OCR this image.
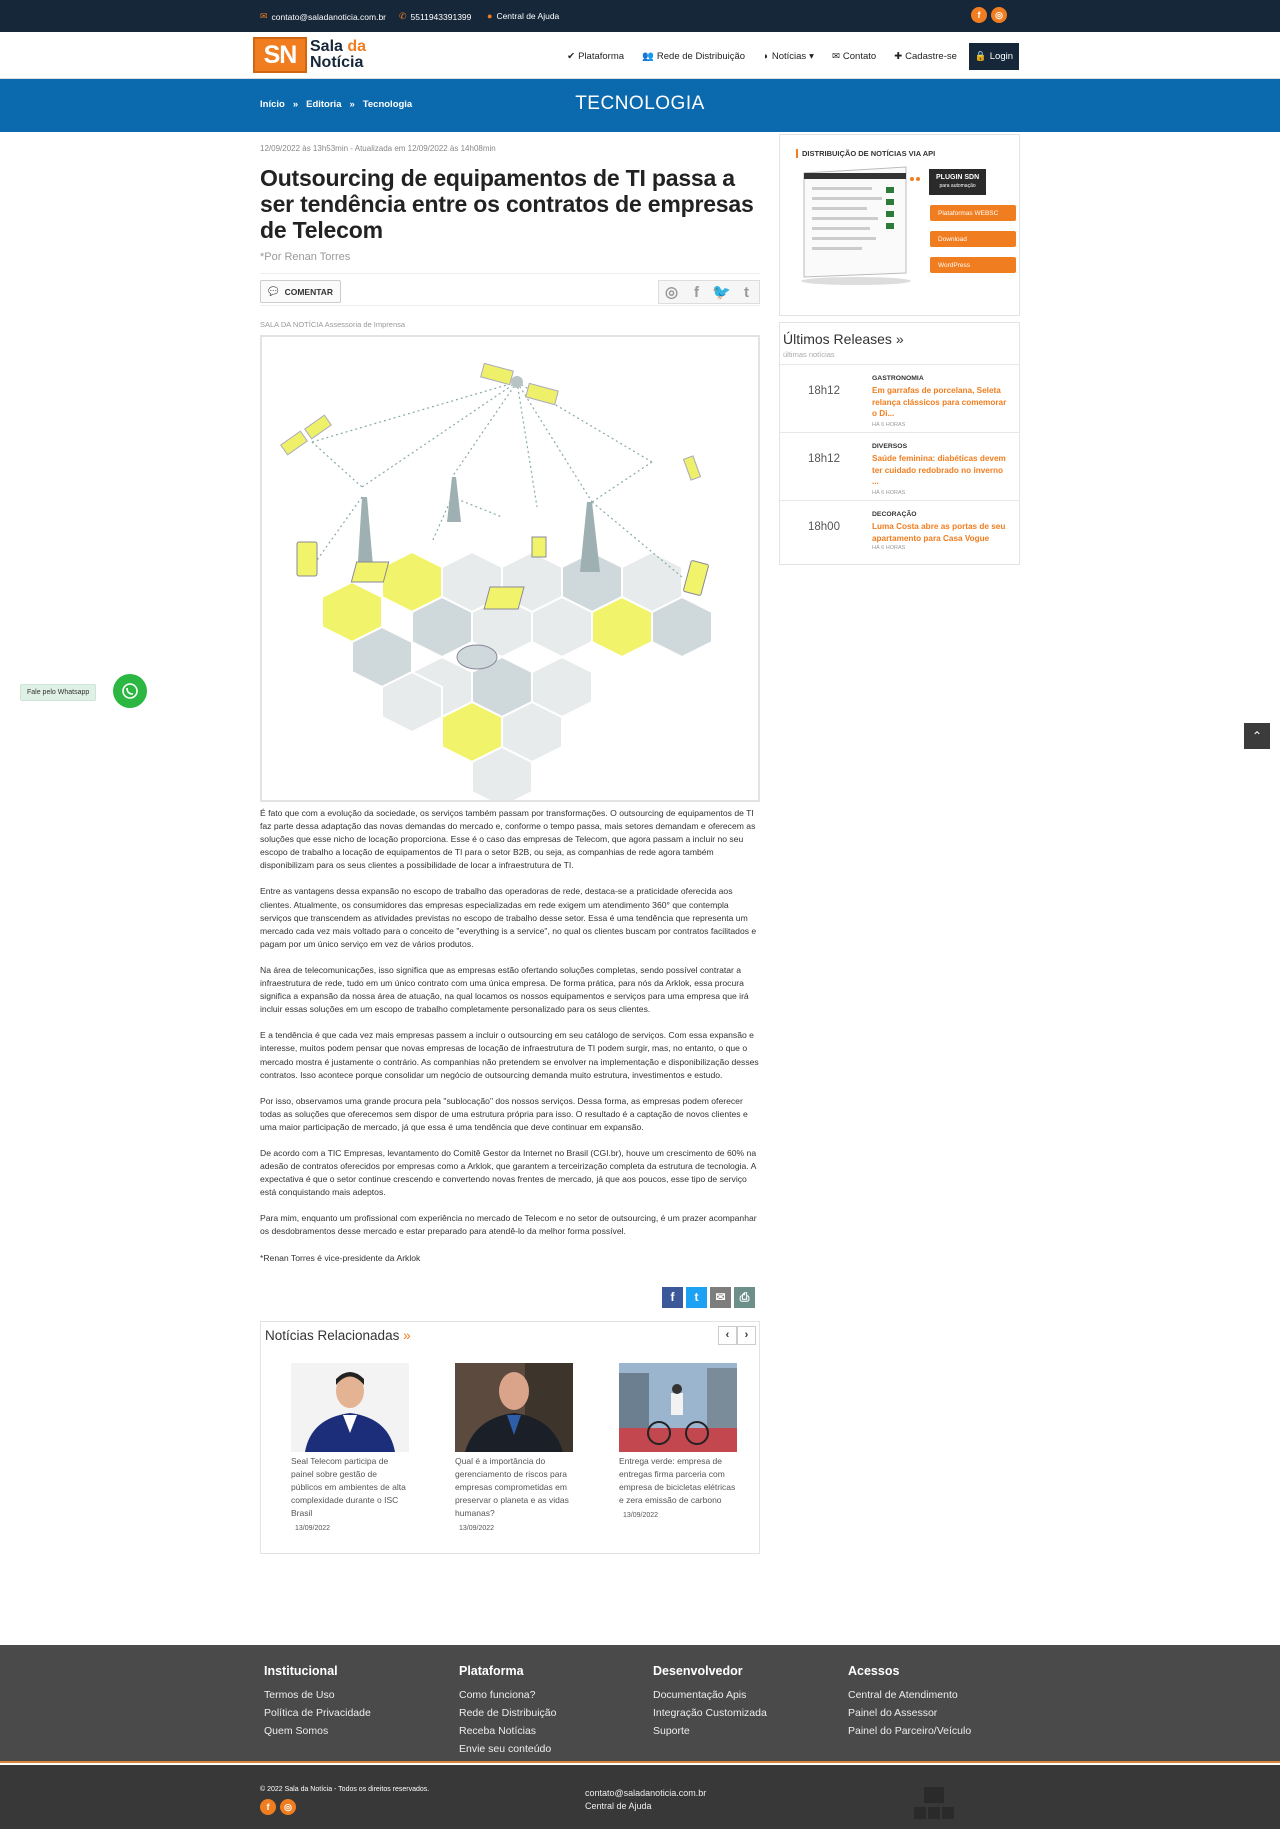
✉ contato@saladanoticia.com.br ✆ 5511943391399 ● Central de Ajuda	f	◎
SN Sala da
Notícia	✔ Plataforma 👥 Rede de Distribuição ◗ Notícias ▾ ✉ Contato ✚ Cadastre-se 🔒 Login
Início » Editoria » Tecnologia	TECNOLOGIA
12/09/2022 às 13h53min - Atualizada em 12/09/2022 às 14h08min
Outsourcing de equipamentos de TI passa a ser tendência entre os contratos de empresas de Telecom
*Por Renan Torres
💬 COMENTAR	◎	f 🐦 t
SALA DA NOTÍCIA Assessoria de Imprensa

É fato que com a evolução da sociedade, os serviços também passam por transformações. O outsourcing de equipamentos de TI faz parte dessa adaptação das novas demandas do mercado e, conforme o tempo passa, mais setores demandam e oferecem as soluções que esse nicho de locação proporciona. Esse é o caso das empresas de Telecom, que agora passam a incluir no seu escopo de trabalho a locação de equipamentos de TI para o setor B2B, ou seja, as companhias de rede agora também disponibilizam para os seus clientes a possibilidade de locar a infraestrutura de TI.

Entre as vantagens dessa expansão no escopo de trabalho das operadoras de rede, destaca-se a praticidade oferecida aos clientes. Atualmente, os consumidores das empresas especializadas em rede exigem um atendimento 360° que contempla serviços que transcendem as atividades previstas no escopo de trabalho desse setor. Essa é uma tendência que representa um mercado cada vez mais voltado para o conceito de "everything is a service", no qual os clientes buscam por contratos facilitados e pagam por um único serviço em vez de vários produtos.

Na área de telecomunicações, isso significa que as empresas estão ofertando soluções completas, sendo possível contratar a infraestrutura de rede, tudo em um único contrato com uma única empresa. De forma prática, para nós da Arklok, essa procura significa a expansão da nossa área de atuação, na qual locamos os nossos equipamentos e serviços para uma empresa que irá incluir essas soluções em um escopo de trabalho completamente personalizado para os seus clientes.

E a tendência é que cada vez mais empresas passem a incluir o outsourcing em seu catálogo de serviços. Com essa expansão e interesse, muitos podem pensar que novas empresas de locação de infraestrutura de TI podem surgir, mas, no entanto, o que o mercado mostra é justamente o contrário. As companhias não pretendem se envolver na implementação e disponibilização desses contratos. Isso acontece porque consolidar um negócio de outsourcing demanda muito estrutura, investimentos e estudo.

Por isso, observamos uma grande procura pela "sublocação" dos nossos serviços. Dessa forma, as empresas podem oferecer todas as soluções que oferecemos sem dispor de uma estrutura própria para isso. O resultado é a captação de novos clientes e uma maior participação de mercado, já que essa é uma tendência que deve continuar em expansão.

De acordo com a TIC Empresas, levantamento do Comitê Gestor da Internet no Brasil (CGI.br), houve um crescimento de 60% na adesão de contratos oferecidos por empresas como a Arklok, que garantem a terceirização completa da estrutura de tecnologia. A expectativa é que o setor continue crescendo e convertendo novas frentes de mercado, já que aos poucos, esse tipo de serviço está conquistando mais adeptos.

Para mim, enquanto um profissional com experiência no mercado de Telecom e no setor de outsourcing, é um prazer acompanhar os desdobramentos desse mercado e estar preparado para atendê-lo da melhor forma possível.

*Renan Torres é vice-presidente da Arklok

f	t	✉	⎙
Notícias Relacionadas »	‹	›
Seal Telecom participa de painel sobre gestão de públicos em ambientes de alta complexidade durante o ISC Brasil
13/09/2022
Qual é a importância do gerenciamento de riscos para empresas comprometidas em preservar o planeta e as vidas humanas?
13/09/2022
Entrega verde: empresa de entregas firma parceria com empresa de bicicletas elétricas e zera emissão de carbono
13/09/2022
DISTRIBUIÇÃO DE NOTÍCIAS VIA API
PLUGIN SDN
para automação
Plataformas WEBSC
Download
WordPress
Últimos Releases »
últimas notícias
18h12
GASTRONOMIA
Em garrafas de porcelana, Seleta relança clássicos para comemorar o Di...
HÁ 6 HORAS
18h12
DIVERSOS
Saúde feminina: diabéticas devem ter cuidado redobrado no inverno ...
HÁ 6 HORAS
18h00
DECORAÇÃO
Luma Costa abre as portas de seu apartamento para Casa Vogue
HÁ 6 HORAS
Fale pelo Whatsapp
⌃
Institucional
Termos de Uso
Política de Privacidade
Quem Somos
Plataforma
Como funciona?
Rede de Distribuição
Receba Notícias
Envie seu conteúdo
Desenvolvedor
Documentação Apis
Integração Customizada
Suporte
Acessos
Central de Atendimento
Painel do Assessor
Painel do Parceiro/Veículo
© 2022 Sala da Notícia - Todos os direitos reservados.
f	◎
contato@saladanoticia.com.br
Central de Ajuda
